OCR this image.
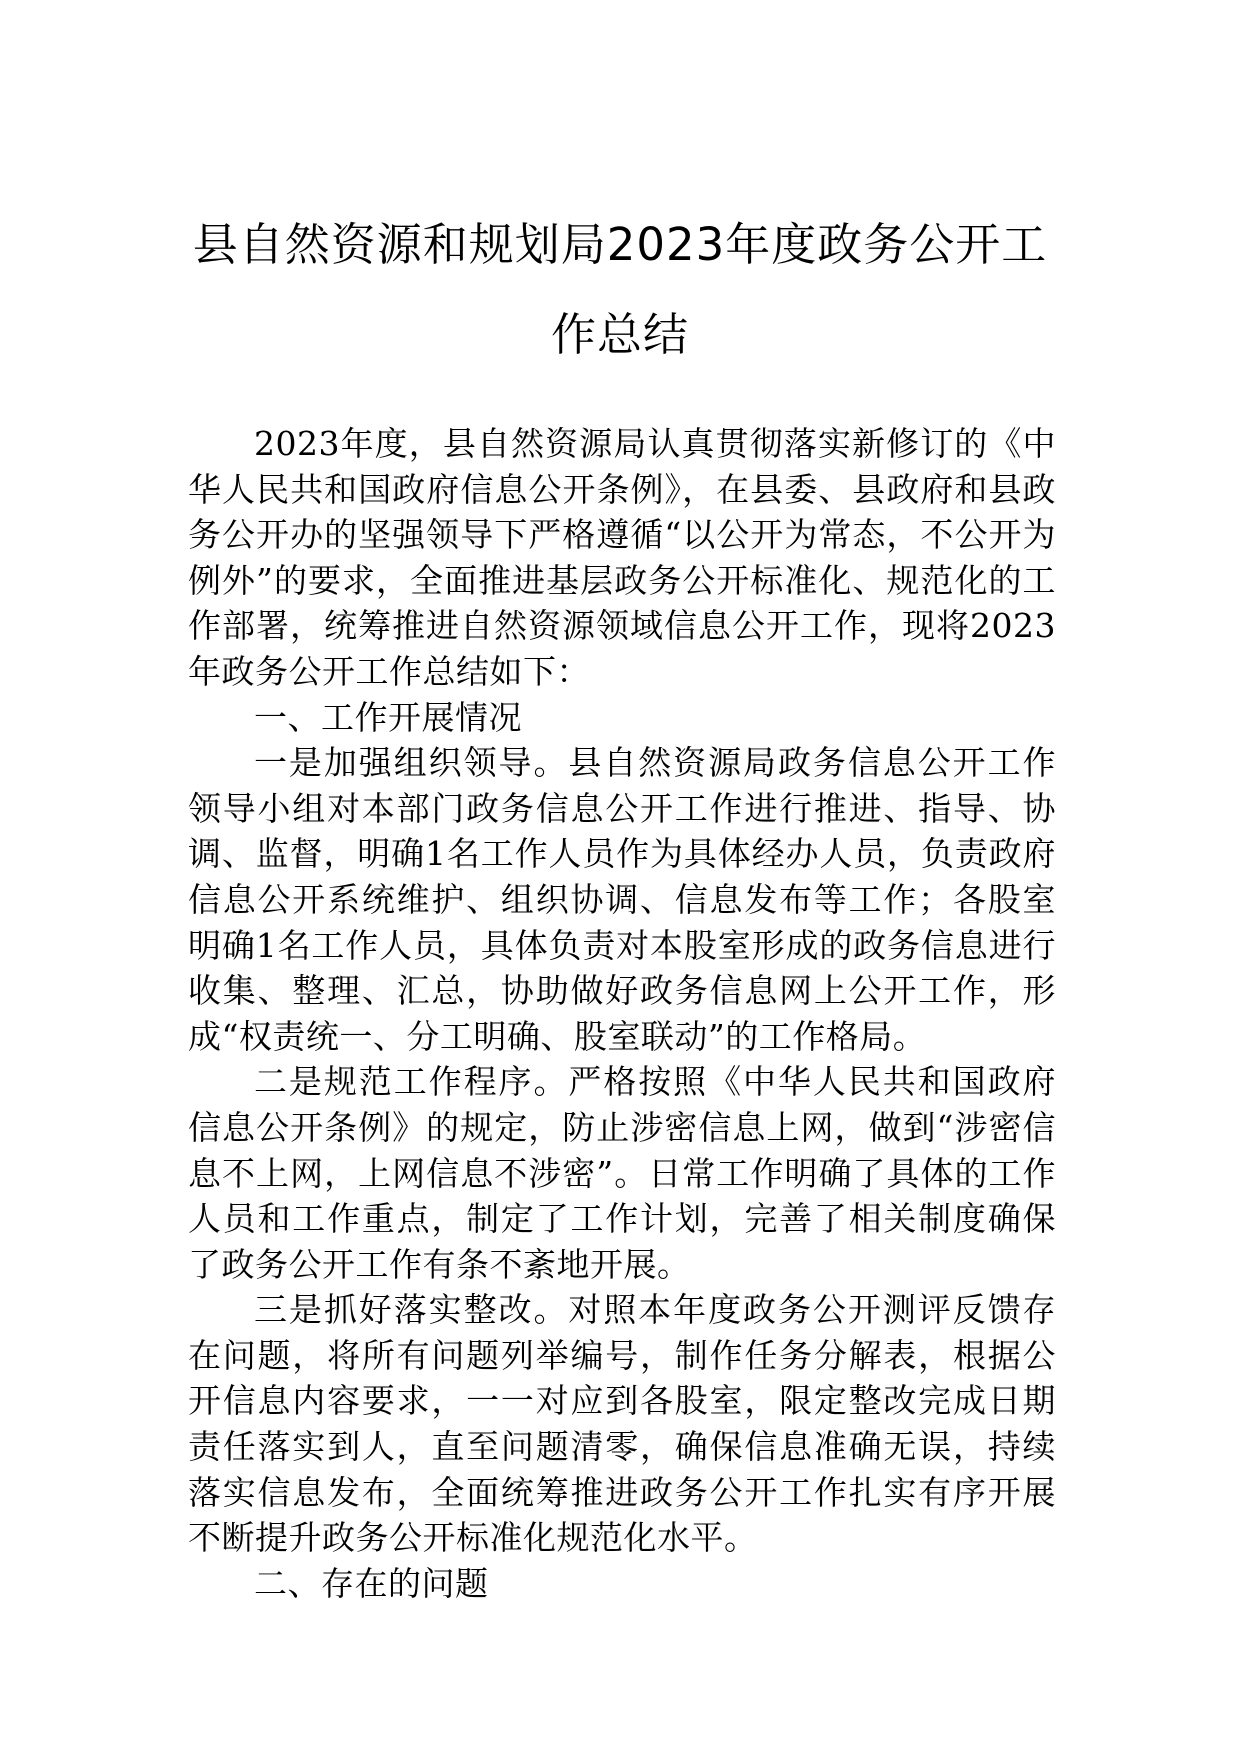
县自然资源和规划局2023年度政务公开工
作总结

2023年度，县自然资源局认真贯彻落实新修订的《中华人民共和国政府信息公开条例》，在县委、县政府和县政务公开办的坚强领导下严格遵循“以公开为常态，不公开为例外”的要求，全面推进基层政务公开标准化、规范化的工作部署，统筹推进自然资源领域信息公开工作，现将2023年政务公开工作总结如下：

一、工作开展情况

一是加强组织领导。县自然资源局政务信息公开工作领导小组对本部门政务信息公开工作进行推进、指导、协调、监督，明确1名工作人员作为具体经办人员，负责政府信息公开系统维护、组织协调、信息发布等工作；各股室明确1名工作人员，具体负责对本股室形成的政务信息进行收集、整理、汇总，协助做好政务信息网上公开工作，形成“权责统一、分工明确、股室联动”的工作格局。

二是规范工作程序。严格按照《中华人民共和国政府信息公开条例》的规定，防止涉密信息上网，做到“涉密信息不上网，上网信息不涉密”。日常工作明确了具体的工作人员和工作重点，制定了工作计划，完善了相关制度确保了政务公开工作有条不紊地开展。

三是抓好落实整改。对照本年度政务公开测评反馈存在问题，将所有问题列举编号，制作任务分解表，根据公开信息内容要求，一一对应到各股室，限定整改完成日期责任落实到人，直至问题清零，确保信息准确无误，持续落实信息发布，全面统筹推进政务公开工作扎实有序开展不断提升政务公开标准化规范化水平。

二、存在的问题
